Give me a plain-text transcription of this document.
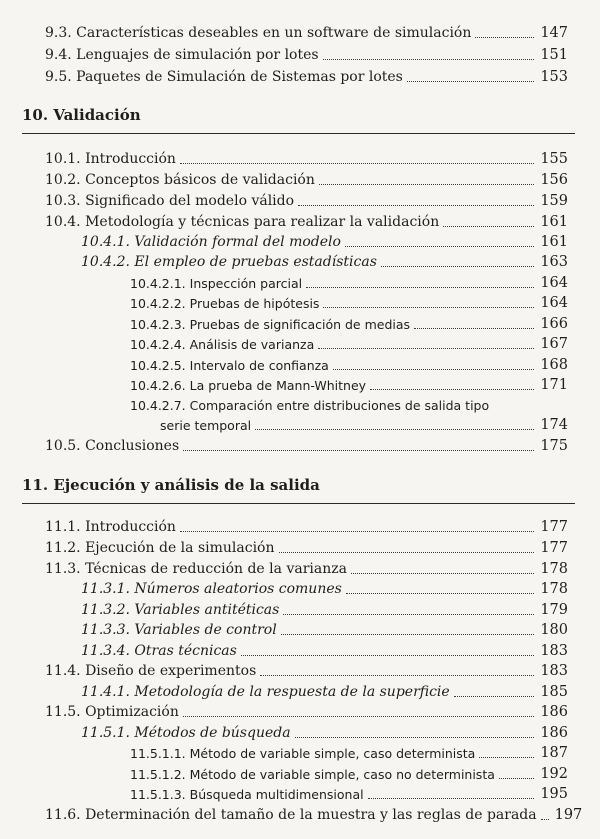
9.3. Características deseables en un software de simulación	147
9.4. Lenguajes de simulación por lotes	151
9.5. Paquetes de Simulación de Sistemas por lotes	153
10. Validación
10.1. Introducción	155
10.2. Conceptos básicos de validación	156
10.3. Significado del modelo válido	159
10.4. Metodología y técnicas para realizar la validación	161
10.4.1. Validación formal del modelo	161
10.4.2. El empleo de pruebas estadísticas	163
10.4.2.1. Inspección parcial	164
10.4.2.2. Pruebas de hipótesis	164
10.4.2.3. Pruebas de significación de medias	166
10.4.2.4. Análisis de varianza	167
10.4.2.5. Intervalo de confianza	168
10.4.2.6. La prueba de Mann-Whitney	171
10.4.2.7. Comparación entre distribuciones de salida tipo
serie temporal	174
10.5. Conclusiones	175
11. Ejecución y análisis de la salida
11.1. Introducción	177
11.2. Ejecución de la simulación	177
11.3. Técnicas de reducción de la varianza	178
11.3.1. Números aleatorios comunes	178
11.3.2. Variables antitéticas	179
11.3.3. Variables de control	180
11.3.4. Otras técnicas	183
11.4. Diseño de experimentos	183
11.4.1. Metodología de la respuesta de la superficie	185
11.5. Optimización	186
11.5.1. Métodos de búsqueda	186
11.5.1.1. Método de variable simple, caso determinista	187
11.5.1.2. Método de variable simple, caso no determinista	192
11.5.1.3. Búsqueda multidimensional	195
11.6. Determinación del tamaño de la muestra y las reglas de parada	197
